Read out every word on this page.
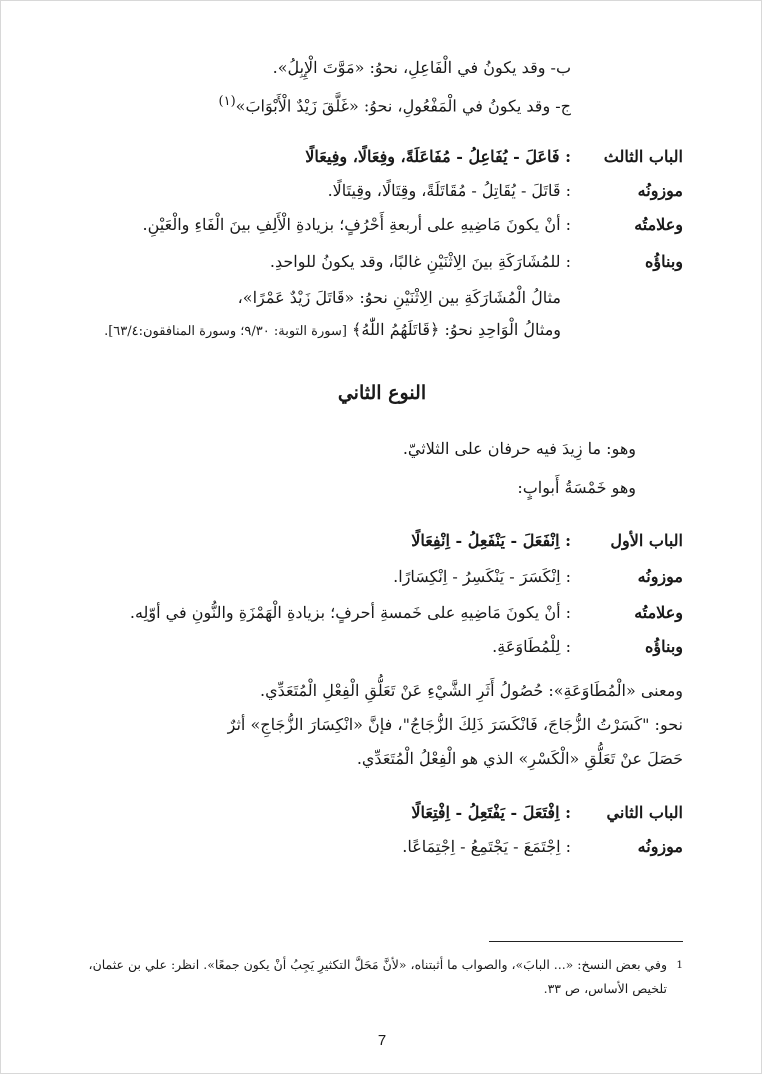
ب- وقد يكونُ في الْفَاعِلِ، نحوُ: «مَوَّتَ الْإِبِلُ».
ج- وقد يكونُ في الْمَفْعُولِ، نحوُ: «غَلَّقَ زَيْدٌ الْأَبْوَابَ»$^{(١)}$
الباب الثالث
: فَاعَلَ - يُفَاعِلُ - مُفَاعَلَةً، وفِعَالًا، وفِيعَالًا
موزونُه
: قَاتَلَ - يُقَاتِلُ - مُقَاتَلَةً، وقِتَالًا، وقِيتَالًا.
وعلامتُه
: أنْ يكونَ مَاضِيهِ على أربعةِ أَحْرُفٍ؛ بزيادةِ الْأَلِفِ بينَ الْفَاءِ والْعَيْنِ.
وبناؤُه
: للمُشَارَكَةِ بينَ الِاثْنَيْنِ غالبًا، وقد يكونُ للواحدِ.
مثالُ الْمُشَارَكَةِ بين الِاثْنَيْنِ نحوُ: «قَاتَلَ زَيْدٌ عَمْرًا»،
ومثالُ الْوَاحِدِ نحوُ: ﴿قَاتَلَهُمُ اللّٰهُ﴾ [سورة التوبة: ٩/٣٠؛ وسورة المنافقون:٦٣/٤].
النوع الثاني
وهو: ما زِيدَ فيه حرفان على الثلاثيّ.
وهو خَمْسَةُ أَبوابٍ:
الباب الأول
: اِنْفَعَلَ - يَنْفَعِلُ - اِنْفِعَالًا
موزونُه
: اِنْكَسَرَ - يَنْكَسِرُ - اِنْكِسَارًا.
وعلامتُه
: أنْ يكونَ مَاضِيهِ على خَمسةِ أحرفٍ؛ بزيادةِ الْهَمْزَةِ والنُّونِ في أوّلِه.
وبناؤُه
: لِلْمُطَاوَعَةِ.
ومعنى «الْمُطَاوَعَةِ»: حُصُولُ أَثَرِ الشَّيْءِ عَنْ تَعَلُّقِ الْفِعْلِ الْمُتَعَدِّي.
نحو: "كَسَرْتُ الزُّجَاجَ، فَانْكَسَرَ ذَلِكَ الزُّجَاجُ"، فإنَّ «انْكِسَارَ الزُّجَاجِ» أثرٌ
حَصَلَ عنْ تَعَلُّقِ «الْكَسْرِ» الذي هو الْفِعْلُ الْمُتَعَدِّي.
الباب الثاني
: اِفْتَعَلَ - يَفْتَعِلُ - اِفْتِعَالًا
موزونُه
: اِجْتَمَعَ - يَجْتَمِعُ - اِجْتِمَاعًا.
$^1$
وفي بعض النسخ: «... البابَ»، والصواب ما أثبتناه، «لأنَّ مَحَلَّ التكثيرِ يَجِبُ أنْ يكون جمعًا». انظر: علي بن عثمان،
تلخيص الأساس، ص ٣٣.
7
